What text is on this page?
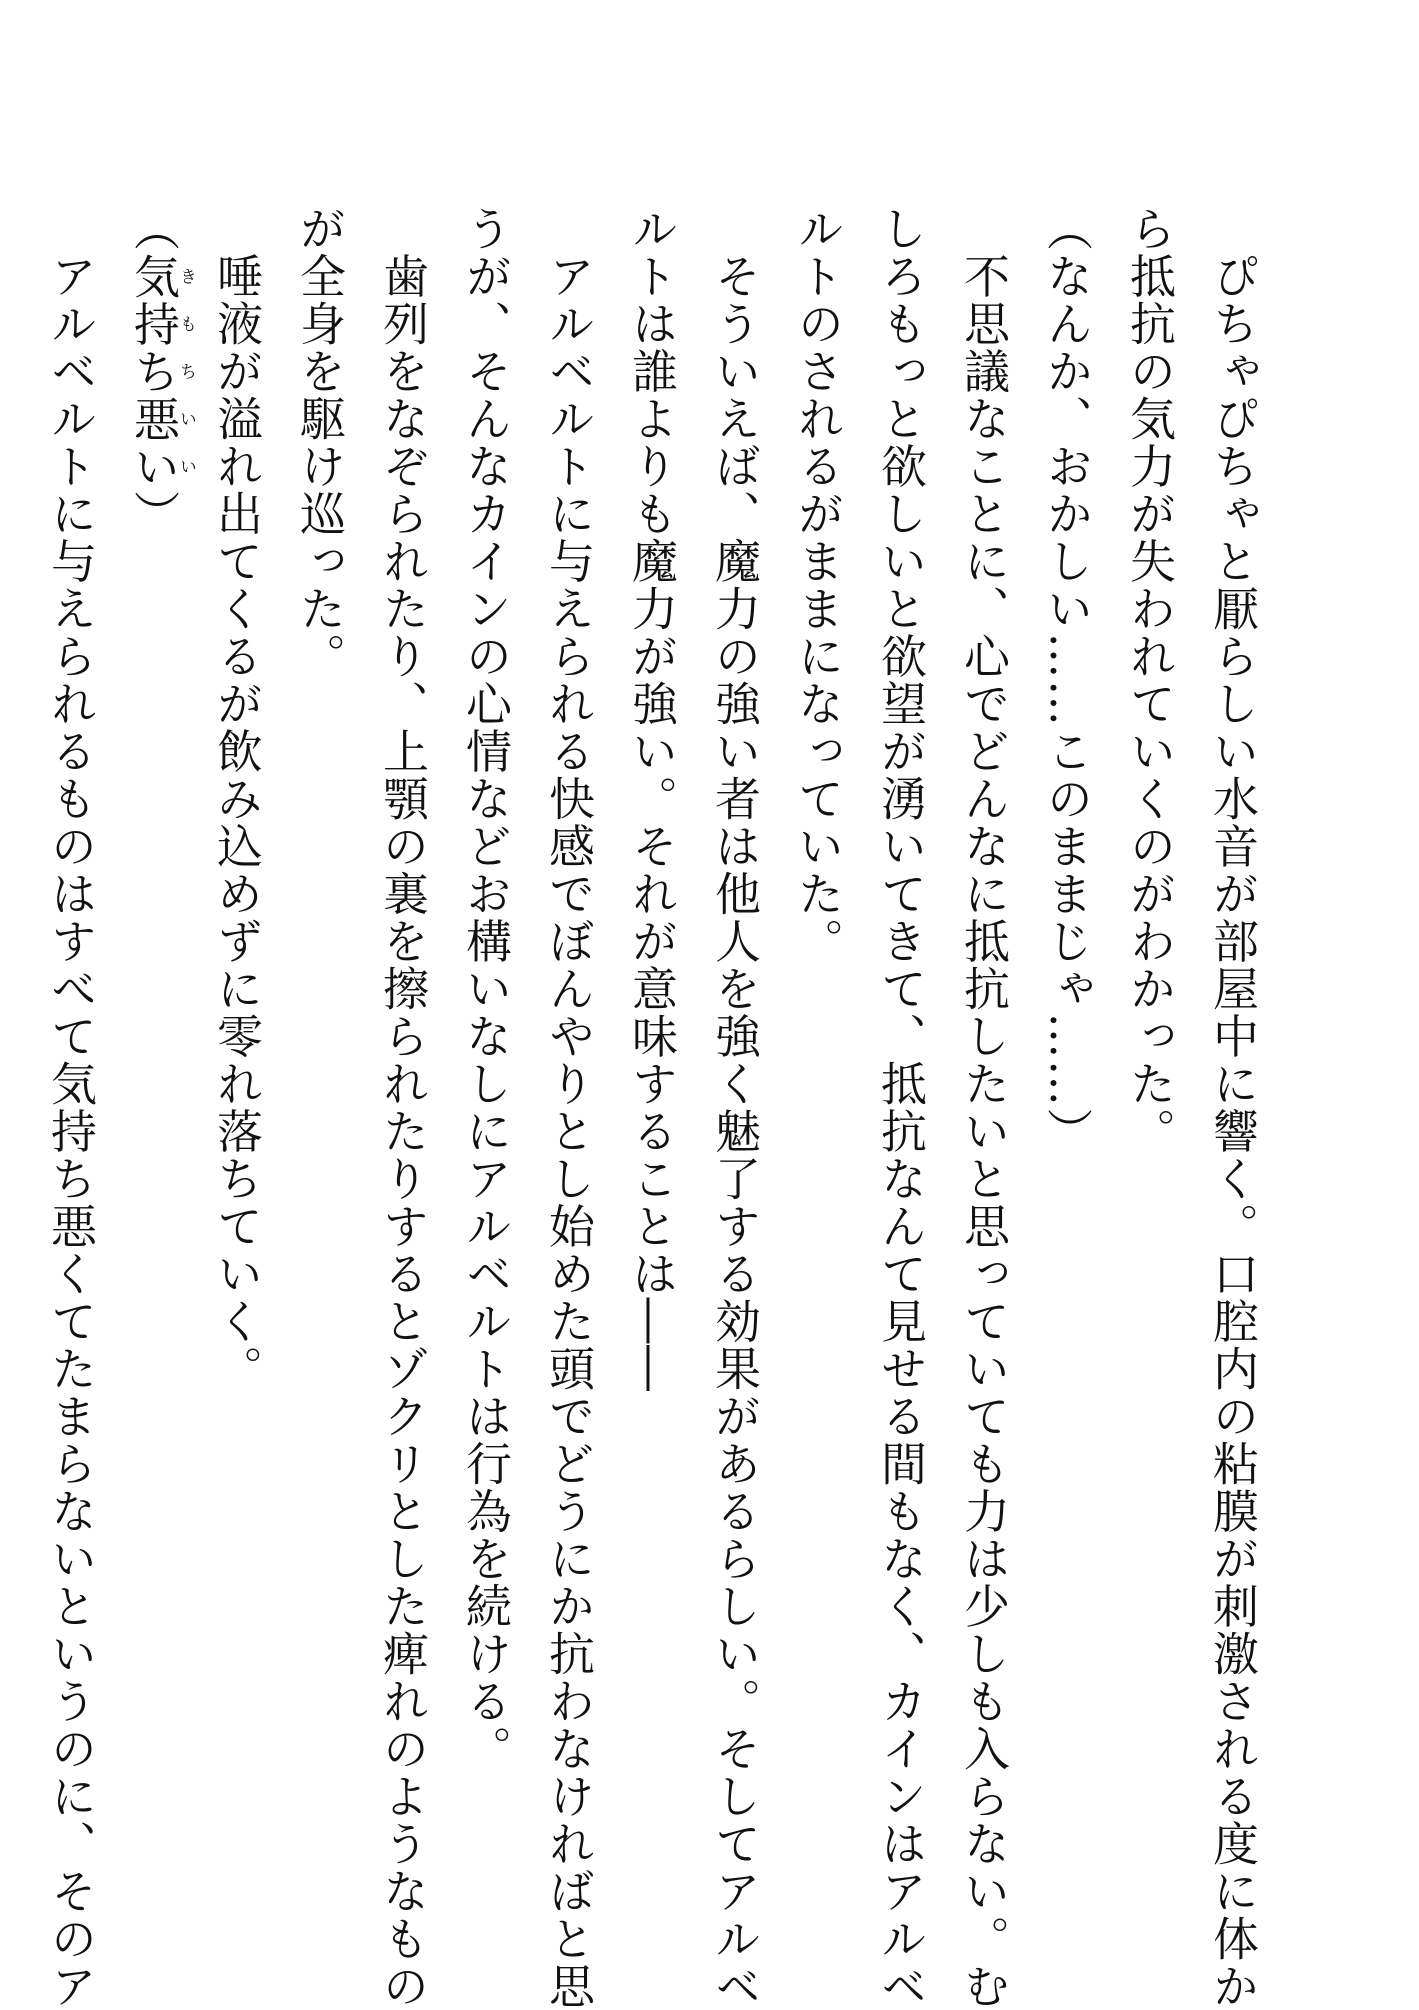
　ぴちゃぴちゃと厭らしい水音が部屋中に響く。口腔内の粘膜が刺激される度に体か
ら抵抗の気力が失われていくのがわかった。
（なんか、おかしい……このままじゃ……）
　不思議なことに、心でどんなに抵抗したいと思っていても力は少しも入らない。む
しろもっと欲しいと欲望が湧いてきて、抵抗なんて見せる間もなく、カインはアルベ
ルトのされるがままになっていた。
　そういえば、魔力の強い者は他人を強く魅了する効果があるらしい。そしてアルベ
ルトは誰よりも魔力が強い。それが意味することは――
　アルベルトに与えられる快感でぼんやりとし始めた頭でどうにか抗わなければと思
うが、そんなカインの心情などお構いなしにアルベルトは行為を続ける。
　歯列をなぞられたり、上顎の裏を擦られたりするとゾクリとした痺れのようなもの
が全身を駆け巡った。
　唾液が溢れ出てくるが飲み込めずに零れ落ちていく。
（気持ち悪いきもちいい）
　アルベルトに与えられるものはすべて気持ち悪くてたまらないというのに、そのア
